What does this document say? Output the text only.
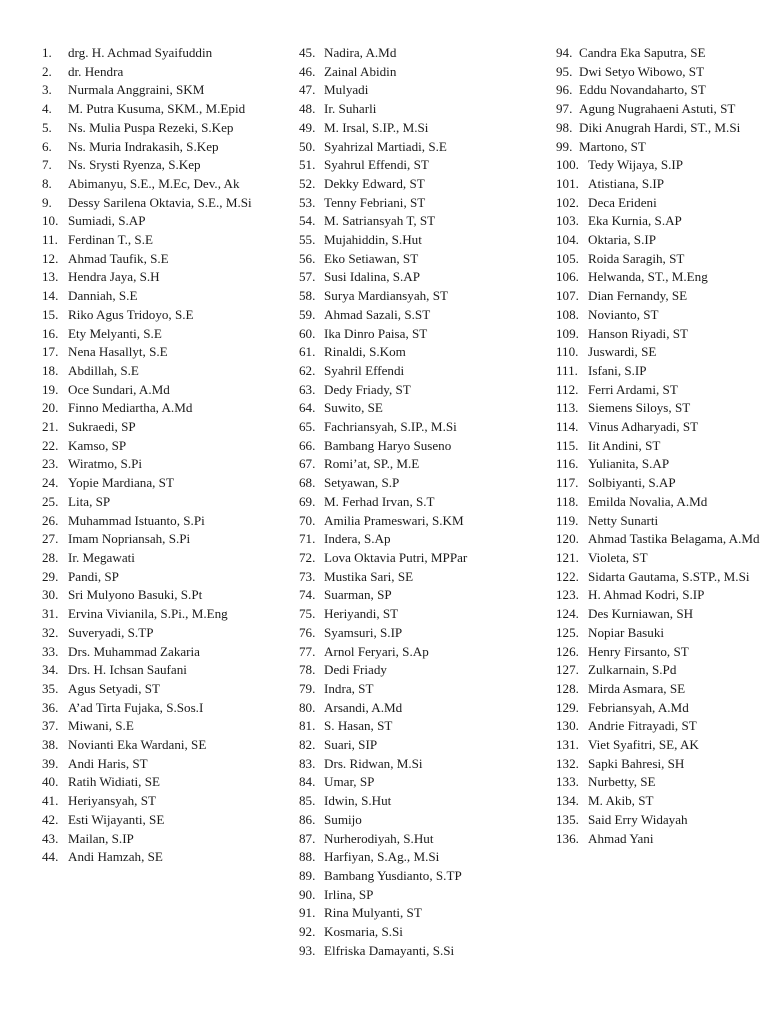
1.	drg. H. Achmad Syaifuddin
2.	dr. Hendra
3.	Nurmala Anggraini, SKM
4.	M. Putra Kusuma, SKM., M.Epid
5.	Ns. Mulia Puspa Rezeki, S.Kep
6.	Ns. Muria Indrakasih, S.Kep
7.	Ns. Srysti Ryenza, S.Kep
8.	Abimanyu, S.E., M.Ec, Dev., Ak
9.	Dessy Sarilena Oktavia, S.E., M.Si
10. Sumiadi, S.AP
11. Ferdinan T., S.E
12. Ahmad Taufik, S.E
13. Hendra Jaya, S.H
14. Danniah, S.E
15. Riko Agus Tridoyo, S.E
16. Ety Melyanti, S.E
17. Nena Hasallyt, S.E
18. Abdillah, S.E
19. Oce Sundari, A.Md
20. Finno Mediartha, A.Md
21. Sukraedi, SP
22. Kamso, SP
23. Wiratmo, S.Pi
24. Yopie Mardiana, ST
25. Lita, SP
26. Muhammad Istuanto, S.Pi
27. Imam Nopriansah, S.Pi
28. Ir. Megawati
29. Pandi, SP
30. Sri Mulyono Basuki, S.Pt
31. Ervina Vivianila, S.Pi., M.Eng
32. Suveryadi, S.TP
33. Drs. Muhammad Zakaria
34. Drs. H. Ichsan Saufani
35. Agus Setyadi, ST
36. A’ad Tirta Fujaka, S.Sos.I
37. Miwani, S.E
38. Novianti Eka Wardani, SE
39. Andi Haris, ST
40. Ratih Widiati, SE
41. Heriyansyah, ST
42. Esti Wijayanti, SE
43. Mailan, S.IP
44. Andi Hamzah, SE
45. Nadira, A.Md
46. Zainal Abidin
47. Mulyadi
48. Ir. Suharli
49. M. Irsal, S.IP., M.Si
50. Syahrizal Martiadi, S.E
51. Syahrul Effendi, ST
52. Dekky Edward, ST
53. Tenny Febriani, ST
54. M. Satriansyah T, ST
55. Mujahiddin, S.Hut
56. Eko Setiawan, ST
57. Susi Idalina, S.AP
58. Surya Mardiansyah, ST
59. Ahmad Sazali, S.ST
60. Ika Dinro Paisa, ST
61. Rinaldi, S.Kom
62. Syahril Effendi
63. Dedy Friady, ST
64. Suwito, SE
65. Fachriansyah, S.IP., M.Si
66. Bambang Haryo Suseno
67. Romi’at, SP., M.E
68. Setyawan, S.P
69. M. Ferhad Irvan, S.T
70. Amilia Prameswari, S.KM
71. Indera, S.Ap
72. Lova Oktavia Putri, MPPar
73. Mustika Sari, SE
74. Suarman, SP
75. Heriyandi, ST
76. Syamsuri, S.IP
77. Arnol Feryari, S.Ap
78. Dedi Friady
79. Indra, ST
80. Arsandi, A.Md
81. S. Hasan, ST
82. Suari, SIP
83. Drs. Ridwan, M.Si
84. Umar, SP
85. Idwin, S.Hut
86. Sumijo
87. Nurherodiyah, S.Hut
88. Harfiyan, S.Ag., M.Si
89. Bambang Yusdianto, S.TP
90. Irlina, SP
91. Rina Mulyanti, ST
92. Kosmaria, S.Si
93. Elfriska Damayanti, S.Si
94. Candra Eka Saputra, SE
95. Dwi Setyo Wibowo, ST
96. Eddu Novandaharto, ST
97. Agung Nugrahaeni Astuti, ST
98. Diki Anugrah Hardi, ST., M.Si
99. Martono, ST
100. Tedy Wijaya, S.IP
101. Atistiana, S.IP
102. Deca Erideni
103. Eka Kurnia, S.AP
104. Oktaria, S.IP
105. Roida Saragih, ST
106. Helwanda, ST., M.Eng
107. Dian Fernandy, SE
108. Novianto, ST
109. Hanson Riyadi, ST
110. Juswardi, SE
111. Isfani, S.IP
112. Ferri Ardami, ST
113. Siemens Siloys, ST
114. Vinus Adharyadi, ST
115. Iit Andini, ST
116. Yulianita, S.AP
117. Solbiyanti, S.AP
118. Emilda Novalia, A.Md
119. Netty Sunarti
120. Ahmad Tastika Belagama, A.Md
121. Violeta, ST
122. Sidarta Gautama, S.STP., M.Si
123. H. Ahmad Kodri, S.IP
124. Des Kurniawan, SH
125. Nopiar Basuki
126. Henry Firsanto, ST
127. Zulkarnain, S.Pd
128. Mirda Asmara, SE
129. Febriansyah, A.Md
130. Andrie Fitrayadi, ST
131. Viet Syafitri, SE, AK
132. Sapki Bahresi, SH
133. Nurbetty, SE
134. M. Akib, ST
135. Said Erry Widayah
136. Ahmad Yani
